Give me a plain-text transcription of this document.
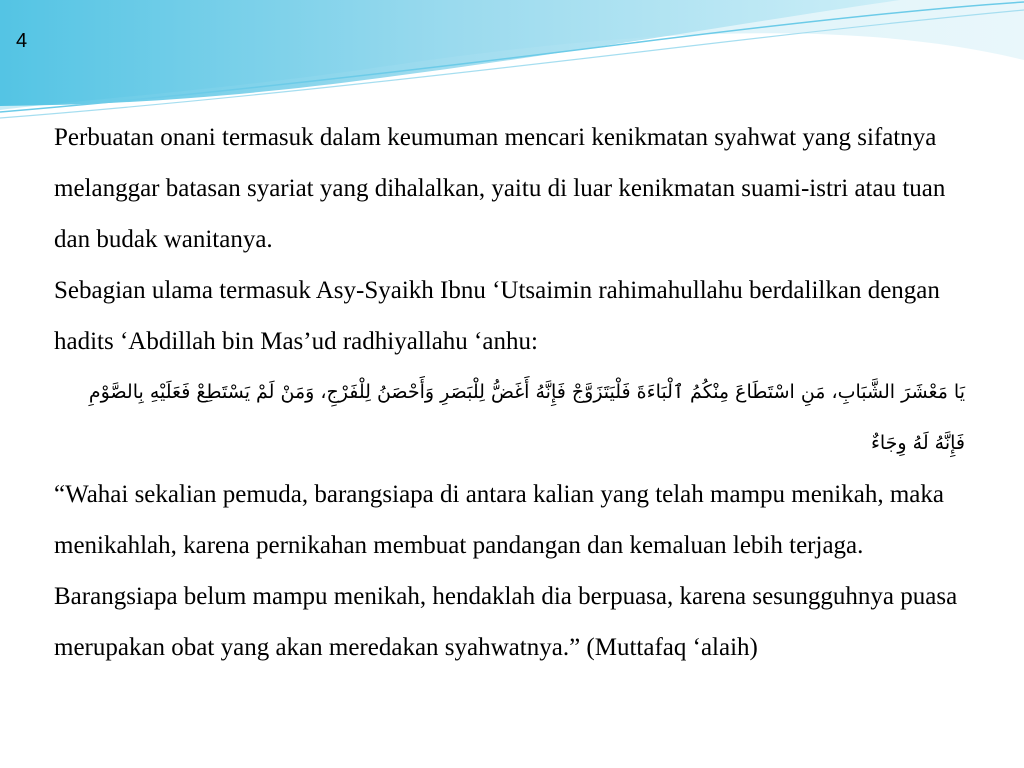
4

Perbuatan onani termasuk dalam keumuman mencari kenikmatan syahwat yang sifatnya melanggar batasan syariat yang dihalalkan, yaitu di luar kenikmatan suami-istri atau tuan dan budak wanitanya.

Sebagian ulama termasuk Asy-Syaikh Ibnu ‘Utsaimin rahimahullahu berdalilkan dengan hadits ‘Abdillah bin Mas’ud radhiyallahu ‘anhu:

يَا مَعْشَرَ الشَّبَابِ، مَنِ اسْتَطَاعَ مِنْكُمُ ٱلْبَاءَةَ فَلْيَتَزَوَّجْ فَإِنَّهُ أَغَضُّ لِلْبَصَرِ وَأَحْصَنُ لِلْفَرْجِ، وَمَنْ لَمْ يَسْتَطِعْ فَعَلَيْهِ بِالصَّوْمِ فَإِنَّهُ لَهُ وِجَاءٌ

“Wahai sekalian pemuda, barangsiapa di antara kalian yang telah mampu menikah, maka menikahlah, karena pernikahan membuat pandangan dan kemaluan lebih terjaga. Barangsiapa belum mampu menikah, hendaklah dia berpuasa, karena sesungguhnya puasa merupakan obat yang akan meredakan syahwatnya.” (Muttafaq ‘alaih)
